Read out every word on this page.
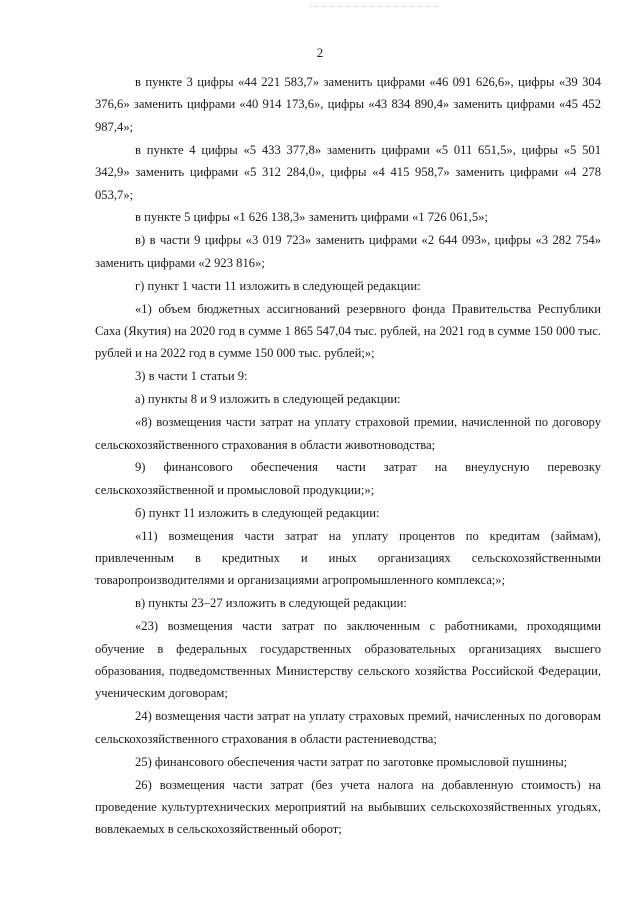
2

в пункте 3 цифры «44 221 583,7» заменить цифрами «46 091 626,6», цифры «39 304 376,6» заменить цифрами «40 914 173,6», цифры «43 834 890,4» заменить цифрами «45 452 987,4»;

в пункте 4 цифры «5 433 377,8» заменить цифрами «5 011 651,5», цифры «5 501 342,9» заменить цифрами «5 312 284,0», цифры «4 415 958,7» заменить цифрами «4 278 053,7»;

в пункте 5 цифры «1 626 138,3» заменить цифрами «1 726 061,5»;

в) в части 9 цифры «3 019 723» заменить цифрами «2 644 093», цифры «3 282 754» заменить цифрами «2 923 816»;

г) пункт 1 части 11 изложить в следующей редакции:

«1) объем бюджетных ассигнований резервного фонда Правительства Республики Саха (Якутия) на 2020 год в сумме 1 865 547,04 тыс. рублей, на 2021 год в сумме 150 000 тыс. рублей и на 2022 год в сумме 150 000 тыс. рублей;»;

3) в части 1 статьи 9:

а) пункты 8 и 9 изложить в следующей редакции:

«8) возмещения части затрат на уплату страховой премии, начисленной по договору сельскохозяйственного страхования в области животноводства;

9) финансового обеспечения части затрат на внеулусную перевозку сельскохозяйственной и промысловой продукции;»;

б) пункт 11 изложить в следующей редакции:

«11) возмещения части затрат на уплату процентов по кредитам (займам), привлеченным в кредитных и иных организациях сельскохозяйственными товаропроизводителями и организациями агропромышленного комплекса;»;

в) пункты 23–27 изложить в следующей редакции:

«23) возмещения части затрат по заключенным с работниками, проходящими обучение в федеральных государственных образовательных организациях высшего образования, подведомственных Министерству сельского хозяйства Российской Федерации, ученическим договорам;

24) возмещения части затрат на уплату страховых премий, начисленных по договорам сельскохозяйственного страхования в области растениеводства;

25) финансового обеспечения части затрат по заготовке промысловой пушнины;

26) возмещения части затрат (без учета налога на добавленную стоимость) на проведение культуртехнических мероприятий на выбывших сельскохозяйственных угодьях, вовлекаемых в сельскохозяйственный оборот;
